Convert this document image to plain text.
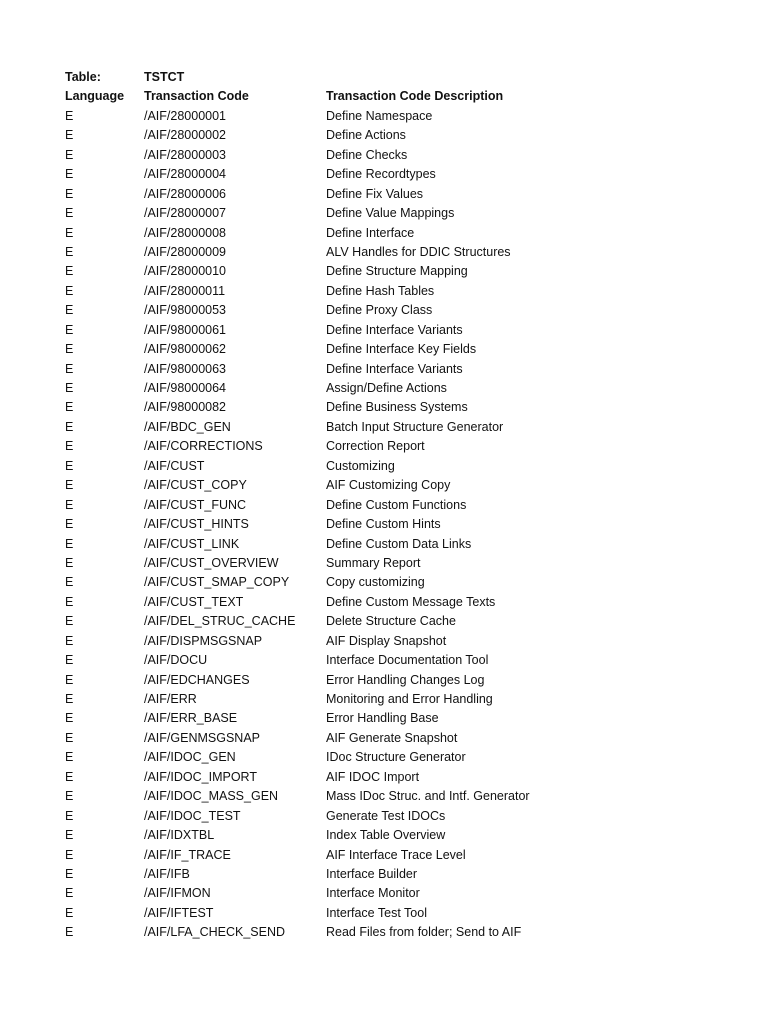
Table:	TSTCT
Language Transaction Code	Transaction Code Description
E	/AIF/28000001	Define Namespace
E	/AIF/28000002	Define Actions
E	/AIF/28000003	Define Checks
E	/AIF/28000004	Define Recordtypes
E	/AIF/28000006	Define Fix Values
E	/AIF/28000007	Define Value Mappings
E	/AIF/28000008	Define Interface
E	/AIF/28000009	ALV Handles for DDIC Structures
E	/AIF/28000010	Define Structure Mapping
E	/AIF/28000011	Define Hash Tables
E	/AIF/98000053	Define Proxy Class
E	/AIF/98000061	Define Interface Variants
E	/AIF/98000062	Define Interface Key Fields
E	/AIF/98000063	Define Interface Variants
E	/AIF/98000064	Assign/Define Actions
E	/AIF/98000082	Define Business Systems
E	/AIF/BDC_GEN	Batch Input Structure Generator
E	/AIF/CORRECTIONS	Correction Report
E	/AIF/CUST	Customizing
E	/AIF/CUST_COPY	AIF Customizing Copy
E	/AIF/CUST_FUNC	Define Custom Functions
E	/AIF/CUST_HINTS	Define Custom Hints
E	/AIF/CUST_LINK	Define Custom Data Links
E	/AIF/CUST_OVERVIEW	Summary Report
E	/AIF/CUST_SMAP_COPY	Copy customizing
E	/AIF/CUST_TEXT	Define Custom Message Texts
E	/AIF/DEL_STRUC_CACHE Delete Structure Cache
E	/AIF/DISPMSGSNAP	AIF Display Snapshot
E	/AIF/DOCU	Interface Documentation Tool
E	/AIF/EDCHANGES	Error Handling Changes Log
E	/AIF/ERR	Monitoring and Error Handling
E	/AIF/ERR_BASE	Error Handling Base
E	/AIF/GENMSGSNAP	AIF Generate Snapshot
E	/AIF/IDOC_GEN	IDoc Structure Generator
E	/AIF/IDOC_IMPORT	AIF IDOC Import
E	/AIF/IDOC_MASS_GEN	Mass IDoc Struc. and Intf. Generator
E	/AIF/IDOC_TEST	Generate Test IDOCs
E	/AIF/IDXTBL	Index Table Overview
E	/AIF/IF_TRACE	AIF Interface Trace Level
E	/AIF/IFB	Interface Builder
E	/AIF/IFMON	Interface Monitor
E	/AIF/IFTEST	Interface Test Tool
E	/AIF/LFA_CHECK_SEND	Read Files from folder; Send to AIF
